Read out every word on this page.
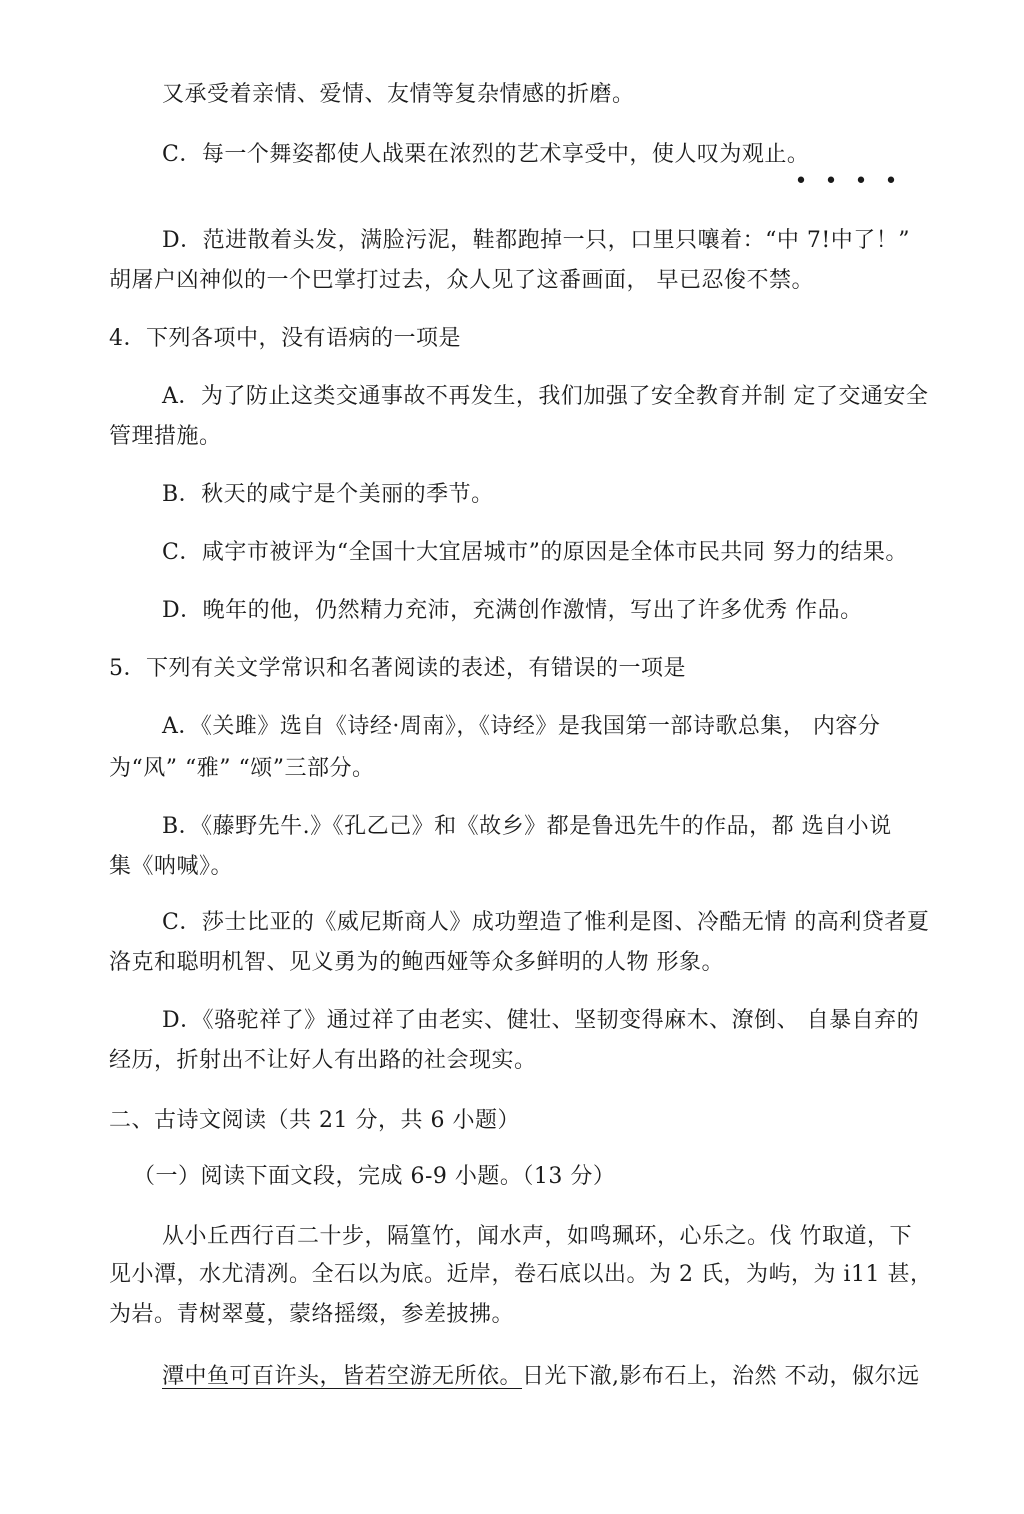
又承受着亲情、爱情、友情等复杂情感的折磨。
C．每一个舞姿都使人战栗在浓烈的艺术享受中，使人叹为观止。
• • • •
D．范进散着头发，满脸污泥，鞋都跑掉一只，口里只嚷着：“中 7!中了！”
胡屠户凶神似的一个巴掌打过去，众人见了这番画面， 早已忍俊不禁。
4．下列各项中，没有语病的一项是
A．为了防止这类交通事故不再发生，我们加强了安全教育并制 定了交通安全
管理措施。
B．秋天的咸宁是个美丽的季节。
C．咸宇市被评为“全国十大宜居城市”的原因是全体市民共同 努力的结果。
D．晚年的他，仍然精力充沛，充满创作激情，写出了许多优秀 作品。
5．下列有关文学常识和名著阅读的表述，有错误的一项是
A．《关雎》选自《诗经·周南》，《诗经》是我国第一部诗歌总集， 内容分
为“风” “雅” “颂”三部分。
B．《藤野先牛.》《孔乙己》和《故乡》都是鲁迅先牛的作品，都 选自小说
集《呐喊》。
C．莎士比亚的《威尼斯商人》成功塑造了惟利是图、冷酷无情 的高利贷者夏
洛克和聪明机智、见义勇为的鲍西娅等众多鲜明的人物 形象。
D．《骆驼祥了》通过祥了由老实、健壮、坚韧变得麻木、潦倒、 自暴自弃的
经历，折射出不让好人有出路的社会现实。
二、古诗文阅读（共 21 分，共 6 小题）
（一）阅读下面文段，完成 6-9 小题。（13 分）
从小丘西行百二十步，隔篁竹，闻水声，如鸣珮环，心乐之。伐 竹取道，下
见小潭，水尤清冽。全石以为底。近岸，卷石底以出。为 2 氏，为屿，为 i11 甚，
为岩。青树翠蔓，蒙络摇缀，参差披拂。
潭中鱼可百许头，皆若空游无所依。日光下澈,影布石上，治然 不动，俶尔远
